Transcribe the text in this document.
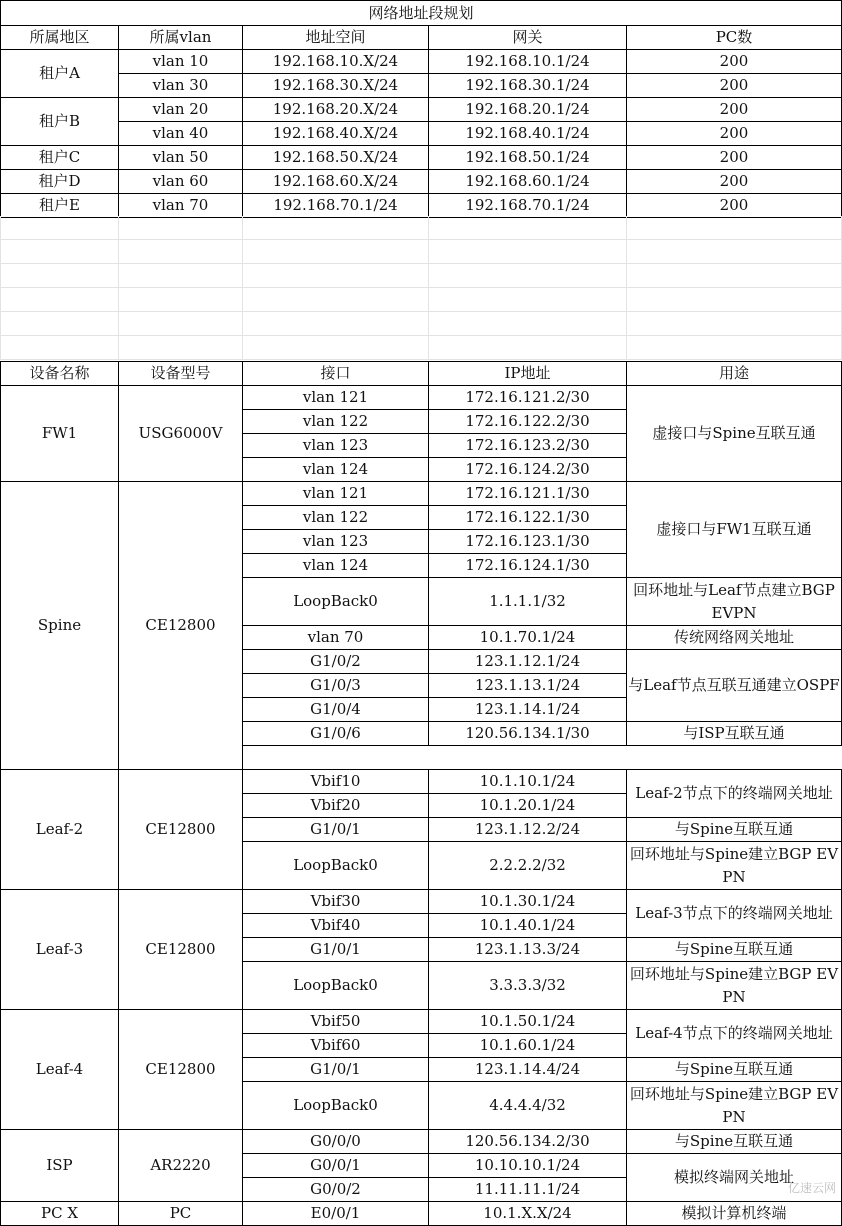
网络地址段规划				
所属地区	所属vlan	地址空间	网关	PC数
租户A	vlan 10	192.168.10.X/24	192.168.10.1/24	200
	vlan 30	192.168.30.X/24	192.168.30.1/24	200
租户B	vlan 20	192.168.20.X/24	192.168.20.1/24	200
	vlan 40	192.168.40.X/24	192.168.40.1/24	200
租户C	vlan 50	192.168.50.X/24	192.168.50.1/24	200
租户D	vlan 60	192.168.60.X/24	192.168.60.1/24	200
租户E	vlan 70	192.168.70.1/24	192.168.70.1/24	200

设备名称	设备型号	接口	IP地址	用途
FW1	USG6000V	vlan 121	172.16.121.2/30	虚接口与Spine互联互通
		vlan 122	172.16.122.2/30	
		vlan 123	172.16.123.2/30	
		vlan 124	172.16.124.2/30	
Spine	CE12800	vlan 121	172.16.121.1/30	虚接口与FW1互联互通
		vlan 122	172.16.122.1/30	
		vlan 123	172.16.123.1/30	
		vlan 124	172.16.124.1/30	
		LoopBack0	1.1.1.1/32	回环地址与Leaf节点建立BGP EVPN

		vlan 70	10.1.70.1/24	传统网络网关地址
		G1/0/2	123.1.12.1/24	与Leaf节点互联互通建立OSPF
		G1/0/3	123.1.13.1/24	
		G1/0/4	123.1.14.1/24	
		G1/0/6	120.56.134.1/30	与ISP互联互通

Leaf-2	CE12800	Vbif10	10.1.10.1/24	Leaf-2节点下的终端网关地址
		Vbif20	10.1.20.1/24	
		G1/0/1	123.1.12.2/24	与Spine互联互通
		LoopBack0	2.2.2.2/32	回环地址与Spine建立BGP EVPN

Leaf-3	CE12800	Vbif30	10.1.30.1/24	Leaf-3节点下的终端网关地址
		Vbif40	10.1.40.1/24	
		G1/0/1	123.1.13.3/24	与Spine互联互通
		LoopBack0	3.3.3.3/32	回环地址与Spine建立BGP EVPN

Leaf-4	CE12800	Vbif50	10.1.50.1/24	Leaf-4节点下的终端网关地址
		Vbif60	10.1.60.1/24	
		G1/0/1	123.1.14.4/24	与Spine互联互通
		LoopBack0	4.4.4.4/32	回环地址与Spine建立BGP EVPN

ISP	AR2220	G0/0/0	120.56.134.2/30	与Spine互联互通
		G0/0/1	10.10.10.1/24	模拟终端网关地址
		G0/0/2	11.11.11.1/24	
PC X	PC	E0/0/1	10.1.X.X/24	模拟计算机终端
亿速云网
